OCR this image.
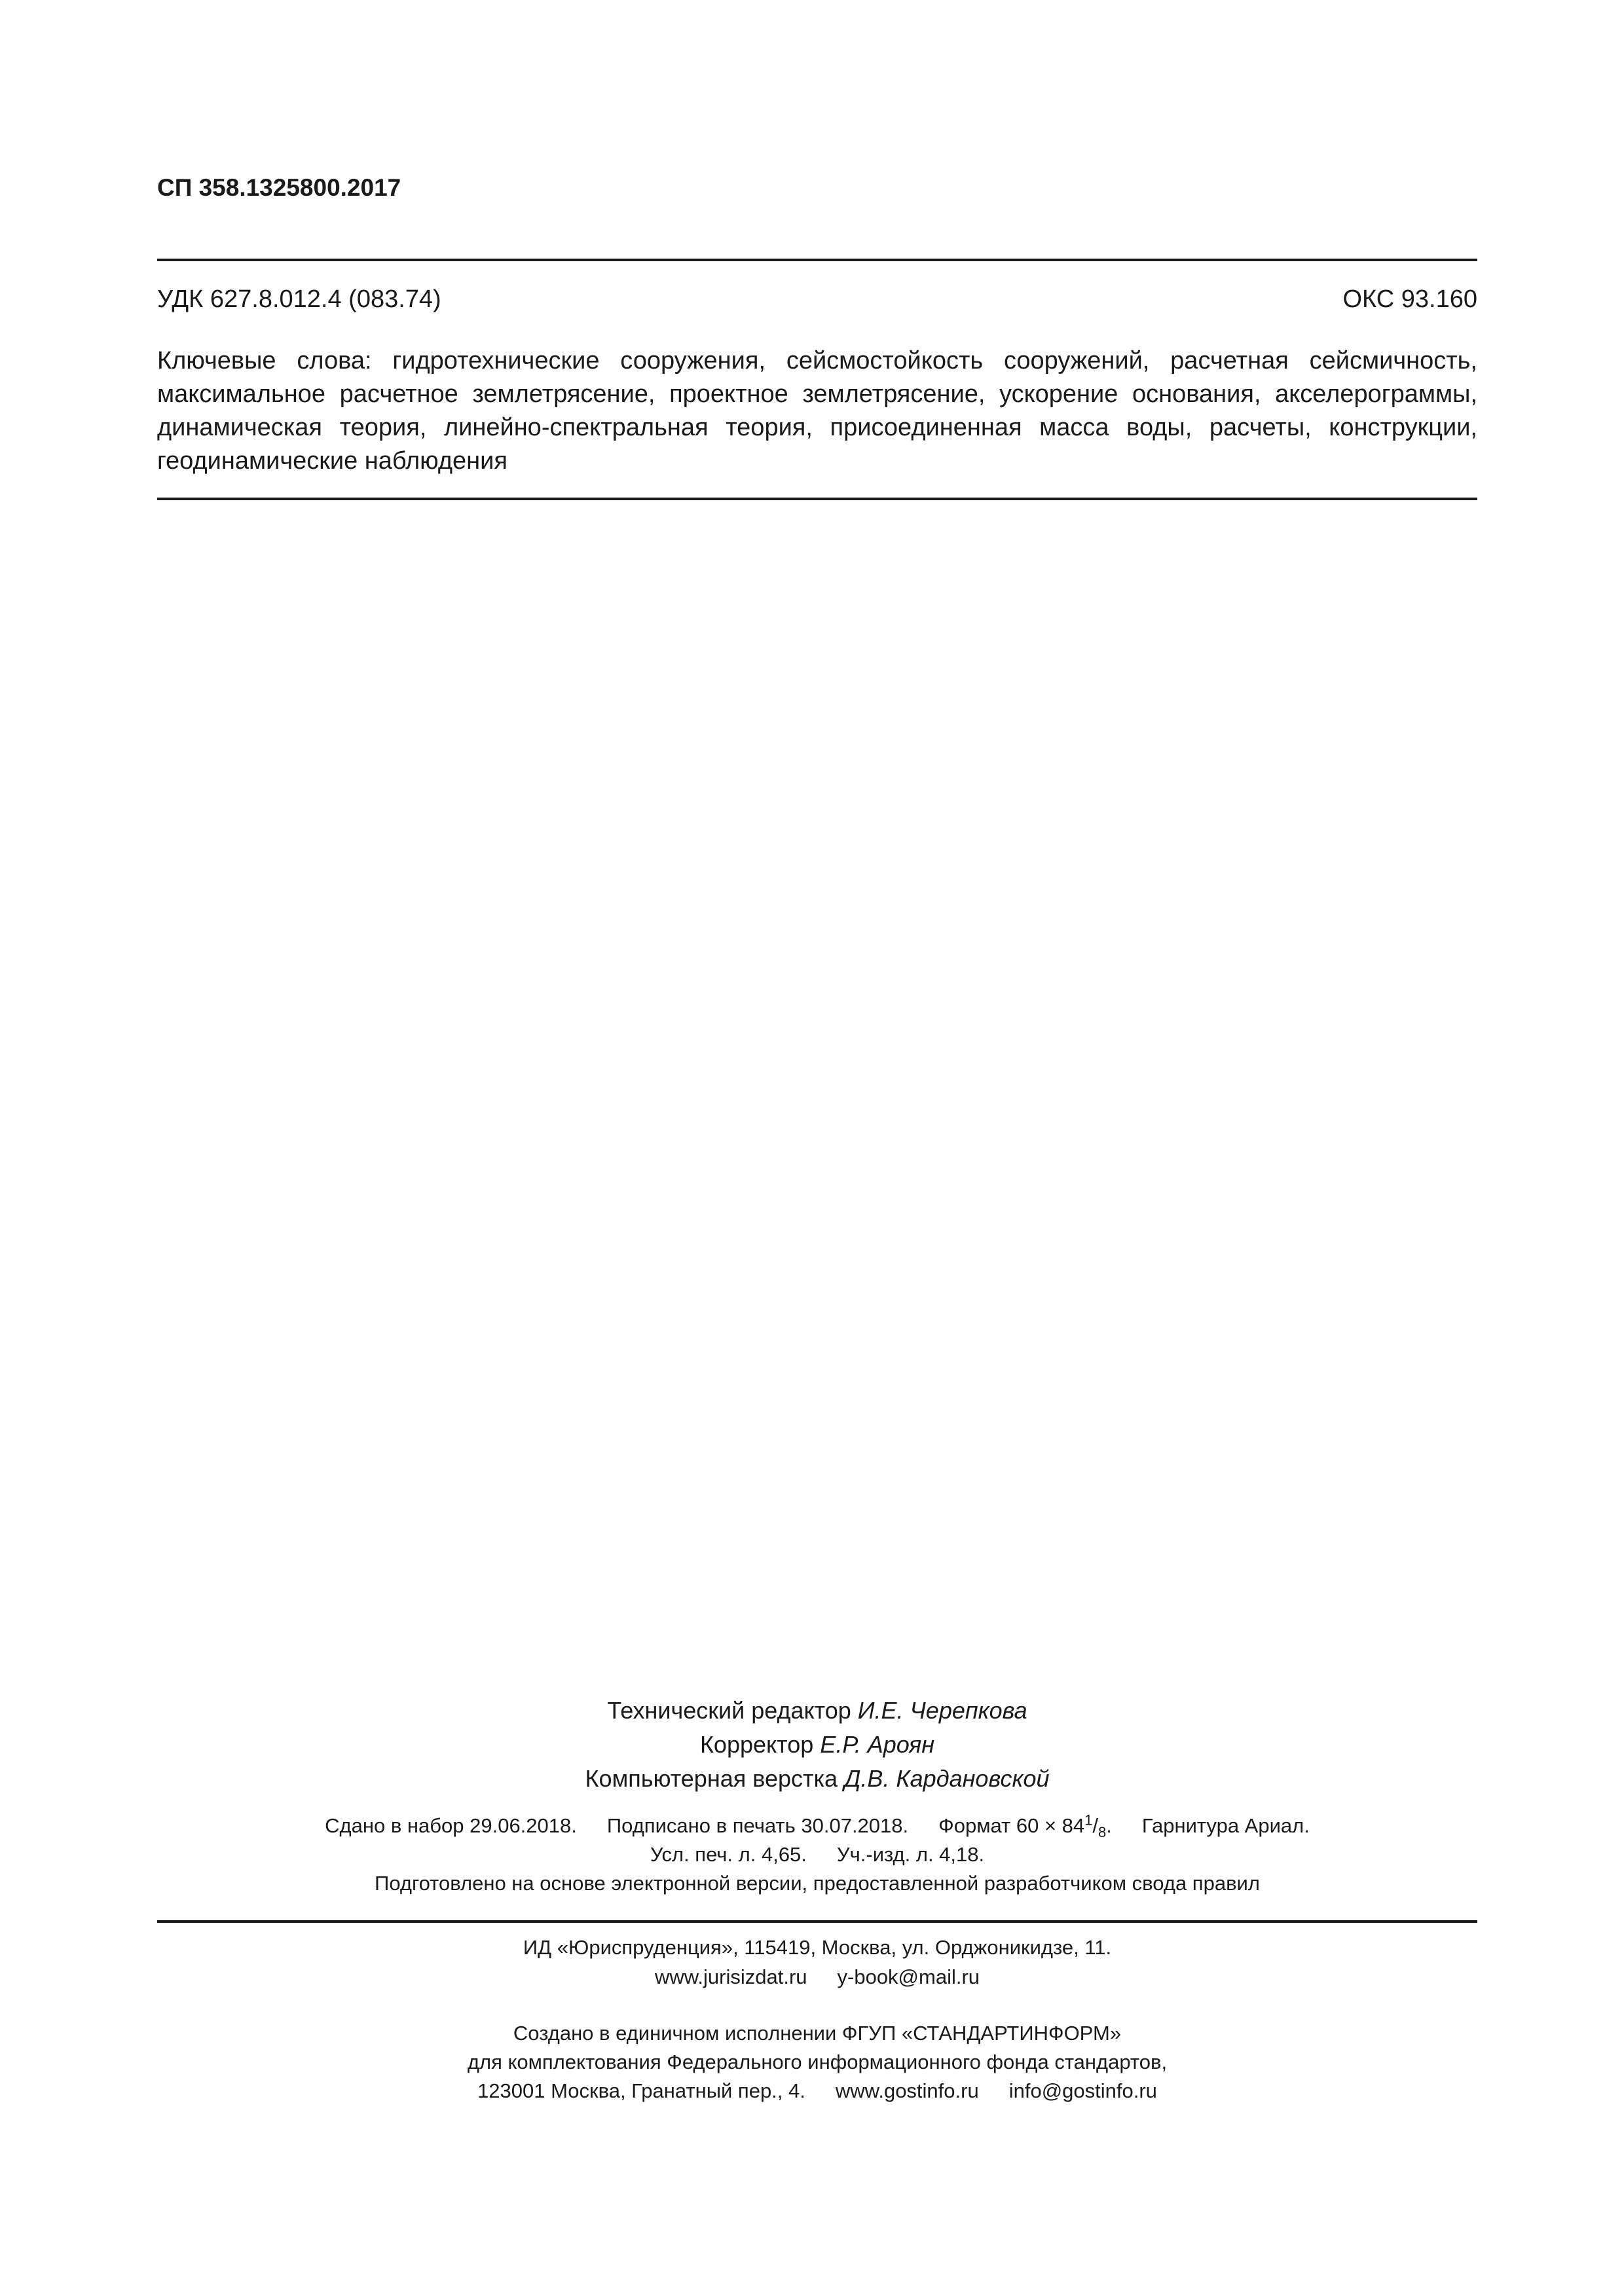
СП 358.1325800.2017
УДК 627.8.012.4 (083.74)	ОКС 93.160
Ключевые слова: гидротехнические сооружения, сейсмостойкость сооружений, расчетная сейсмичность, максимальное расчетное землетрясение, проектное землетрясение, ускорение основания, акселерограммы, динамическая теория, линейно-спектральная теория, присоединенная масса воды, расчеты, конструкции, геодинамические наблюдения
Технический редактор И.Е. Черепкова
Корректор Е.Р. Ароян
Компьютерная верстка Д.В. Кардановской
Сдано в набор 29.06.2018. Подписано в печать 30.07.2018. Формат $60 \times 84^1/_8$. Гарнитура Ариал.
Усл. печ. л. 4,65. Уч.-изд. л. 4,18.
Подготовлено на основе электронной версии, предоставленной разработчиком свода правил
ИД «Юриспруденция», 115419, Москва, ул. Орджоникидзе, 11.
www.jurisizdat.ru y-book@mail.ru
Создано в единичном исполнении ФГУП «СТАНДАРТИНФОРМ»
для комплектования Федерального информационного фонда стандартов,
123001 Москва, Гранатный пер., 4. www.gostinfo.ru info@gostinfo.ru
